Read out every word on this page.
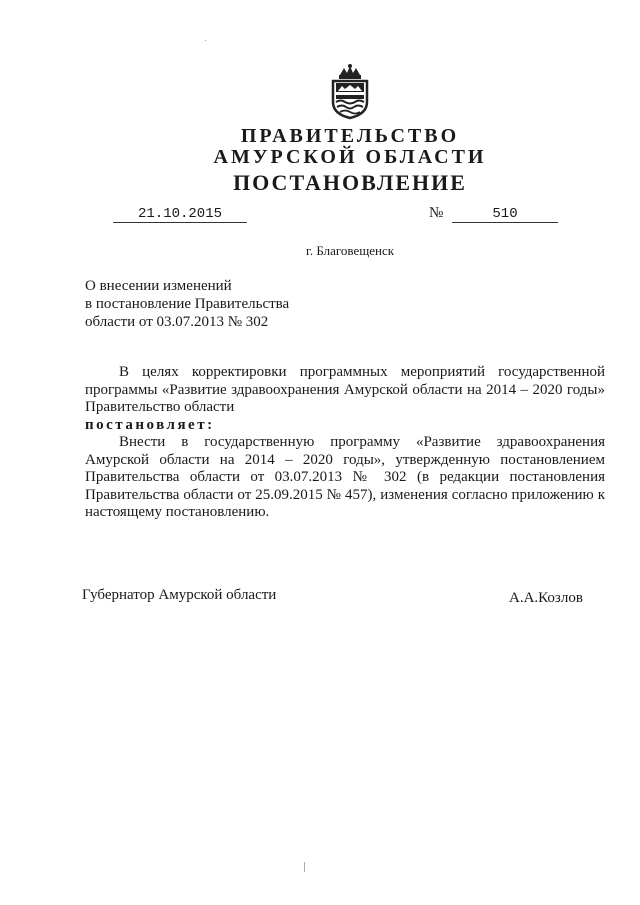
ПРАВИТЕЛЬСТВО
АМУРСКОЙ ОБЛАСТИ
ПОСТАНОВЛЕНИЕ
21.10.2015	№	510
г. Благовещенск
О внесении изменений
в постановление Правительства
области от 03.07.2013 № 302

В целях корректировки программных мероприятий государственной программы «Развитие здравоохранения Амурской области на 2014 – 2020 годы» Правительство области

постановляет:

Внести в государственную программу «Развитие здравоохранения Амурской области на 2014 – 2020 годы», утвержденную постановлением Правительства области от 03.07.2013 № 302 (в редакции постановления Правительства области от 25.09.2015 № 457), изменения согласно приложению к настоящему постановлению.

Губернатор Амурской области	А.А.Козлов
